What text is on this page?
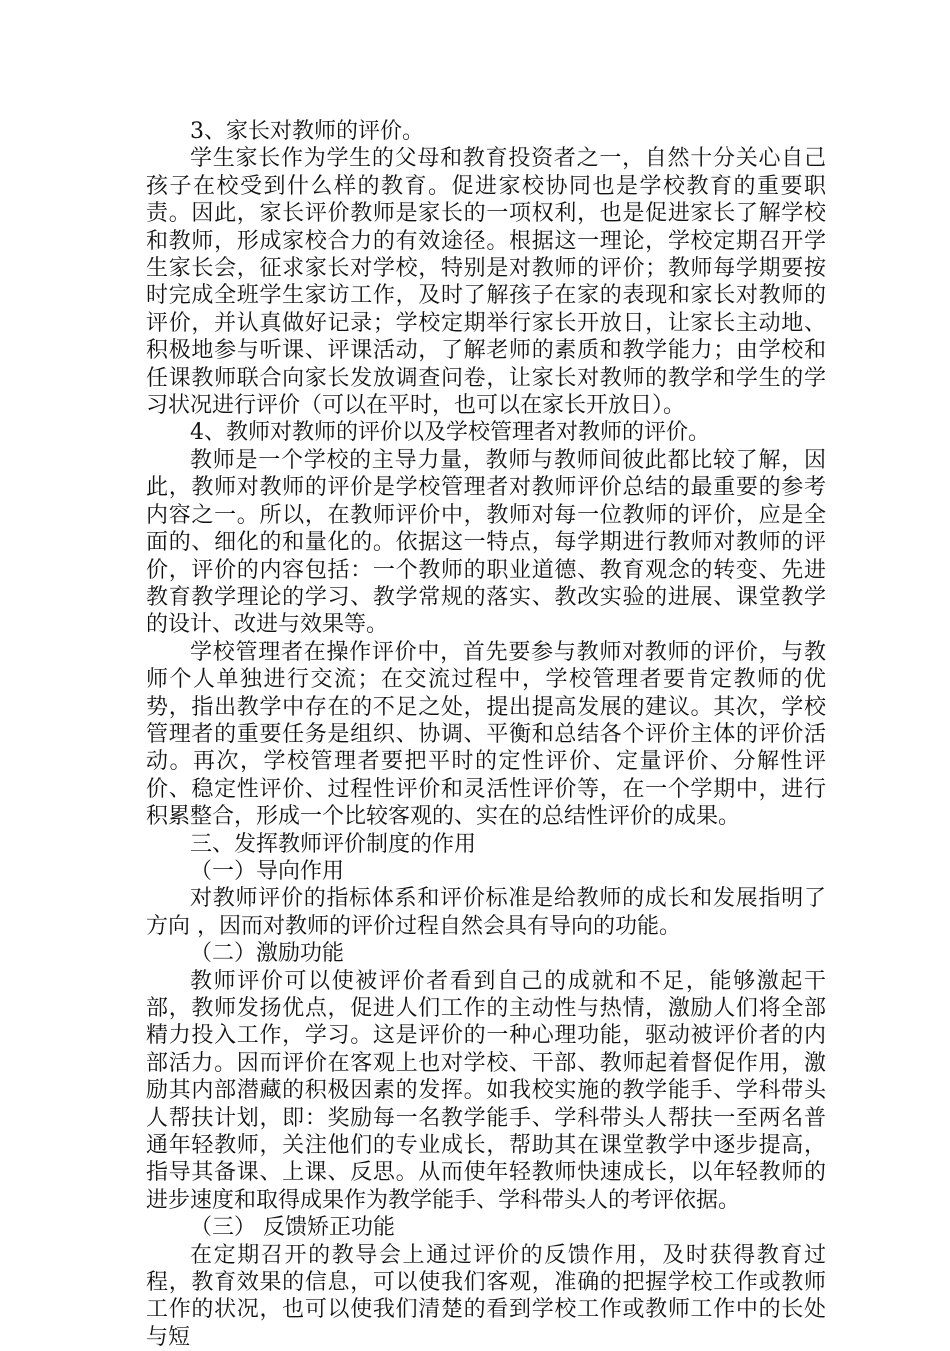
3、家长对教师的评价。

学生家长作为学生的父母和教育投资者之一，自然十分关心自己孩子在校受到什么样的教育。促进家校协同也是学校教育的重要职责。因此，家长评价教师是家长的一项权利，也是促进家长了解学校和教师，形成家校合力的有效途径。根据这一理论，学校定期召开学生家长会，征求家长对学校，特别是对教师的评价；教师每学期要按时完成全班学生家访工作，及时了解孩子在家的表现和家长对教师的评价，并认真做好记录；学校定期举行家长开放日，让家长主动地、积极地参与听课、评课活动，了解老师的素质和教学能力；由学校和任课教师联合向家长发放调查问卷，让家长对教师的教学和学生的学习状况进行评价（可以在平时，也可以在家长开放日）。

4、教师对教师的评价以及学校管理者对教师的评价。

教师是一个学校的主导力量，教师与教师间彼此都比较了解，因此，教师对教师的评价是学校管理者对教师评价总结的最重要的参考内容之一。所以，在教师评价中，教师对每一位教师的评价，应是全面的、细化的和量化的。依据这一特点，每学期进行教师对教师的评价，评价的内容包括：一个教师的职业道德、教育观念的转变、先进教育教学理论的学习、教学常规的落实、教改实验的进展、课堂教学的设计、改进与效果等。

学校管理者在操作评价中，首先要参与教师对教师的评价，与教师个人单独进行交流；在交流过程中，学校管理者要肯定教师的优势，指出教学中存在的不足之处，提出提高发展的建议。其次，学校管理者的重要任务是组织、协调、平衡和总结各个评价主体的评价活动。再次，学校管理者要把平时的定性评价、定量评价、分解性评价、稳定性评价、过程性评价和灵活性评价等，在一个学期中，进行积累整合，形成一个比较客观的、实在的总结性评价的成果。

三、发挥教师评价制度的作用

（一）导向作用

对教师评价的指标体系和评价标准是给教师的成长和发展指明了方向 ，因而对教师的评价过程自然会具有导向的功能。

（二）激励功能

教师评价可以使被评价者看到自己的成就和不足，能够激起干部，教师发扬优点，促进人们工作的主动性与热情，激励人们将全部精力投入工作，学习。这是评价的一种心理功能，驱动被评价者的内部活力。因而评价在客观上也对学校、干部、教师起着督促作用，激励其内部潜藏的积极因素的发挥。如我校实施的教学能手、学科带头人帮扶计划，即：奖励每一名教学能手、学科带头人帮扶一至两名普通年轻教师，关注他们的专业成长，帮助其在课堂教学中逐步提高，指导其备课、上课、反思。从而使年轻教师快速成长，以年轻教师的进步速度和取得成果作为教学能手、学科带头人的考评依据。

（三） 反馈矫正功能

在定期召开的教导会上通过评价的反馈作用，及时获得教育过程，教育效果的信息，可以使我们客观，准确的把握学校工作或教师工作的状况，也可以使我们清楚的看到学校工作或教师工作中的长处与短
